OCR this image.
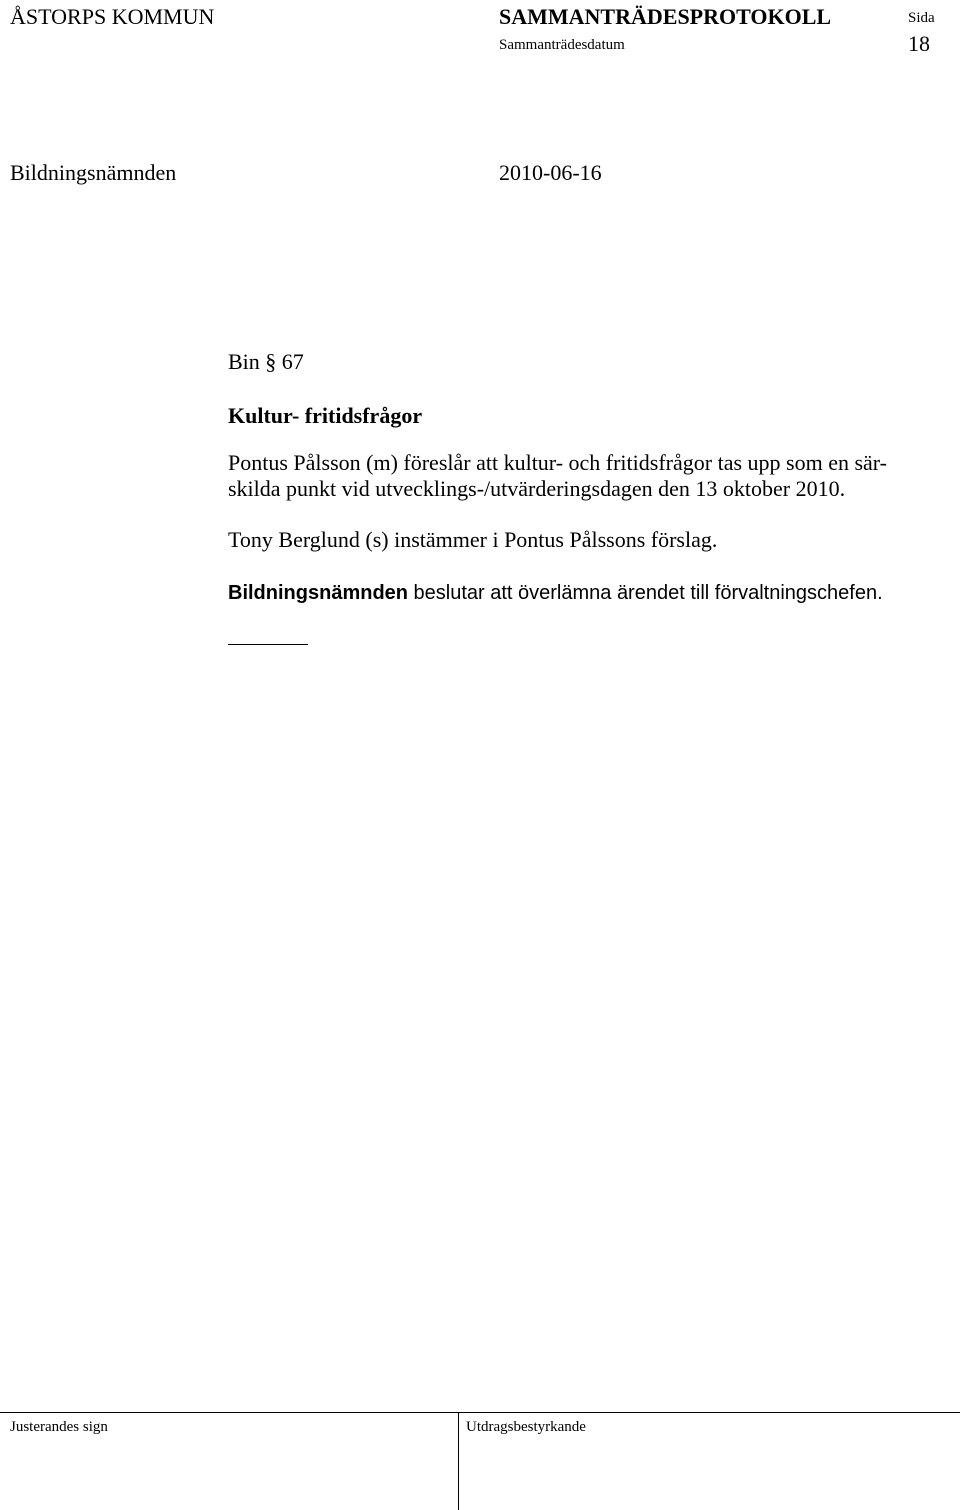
ÅSTORPS KOMMUN	SAMMANTRÄDESPROTOKOLL	Sida
Sammanträdesdatum	18
Bildningsnämnden	2010-06-16
Bin § 67
Kultur- fritidsfrågor
Pontus Pålsson (m) föreslår att kultur- och fritidsfrågor tas upp som en sär-
skilda punkt vid utvecklings-/utvärderingsdagen den 13 oktober 2010.
Tony Berglund (s) instämmer i Pontus Pålssons förslag.
Bildningsnämnden beslutar att överlämna ärendet till förvaltningschefen.
Justerandes sign	Utdragsbestyrkande
